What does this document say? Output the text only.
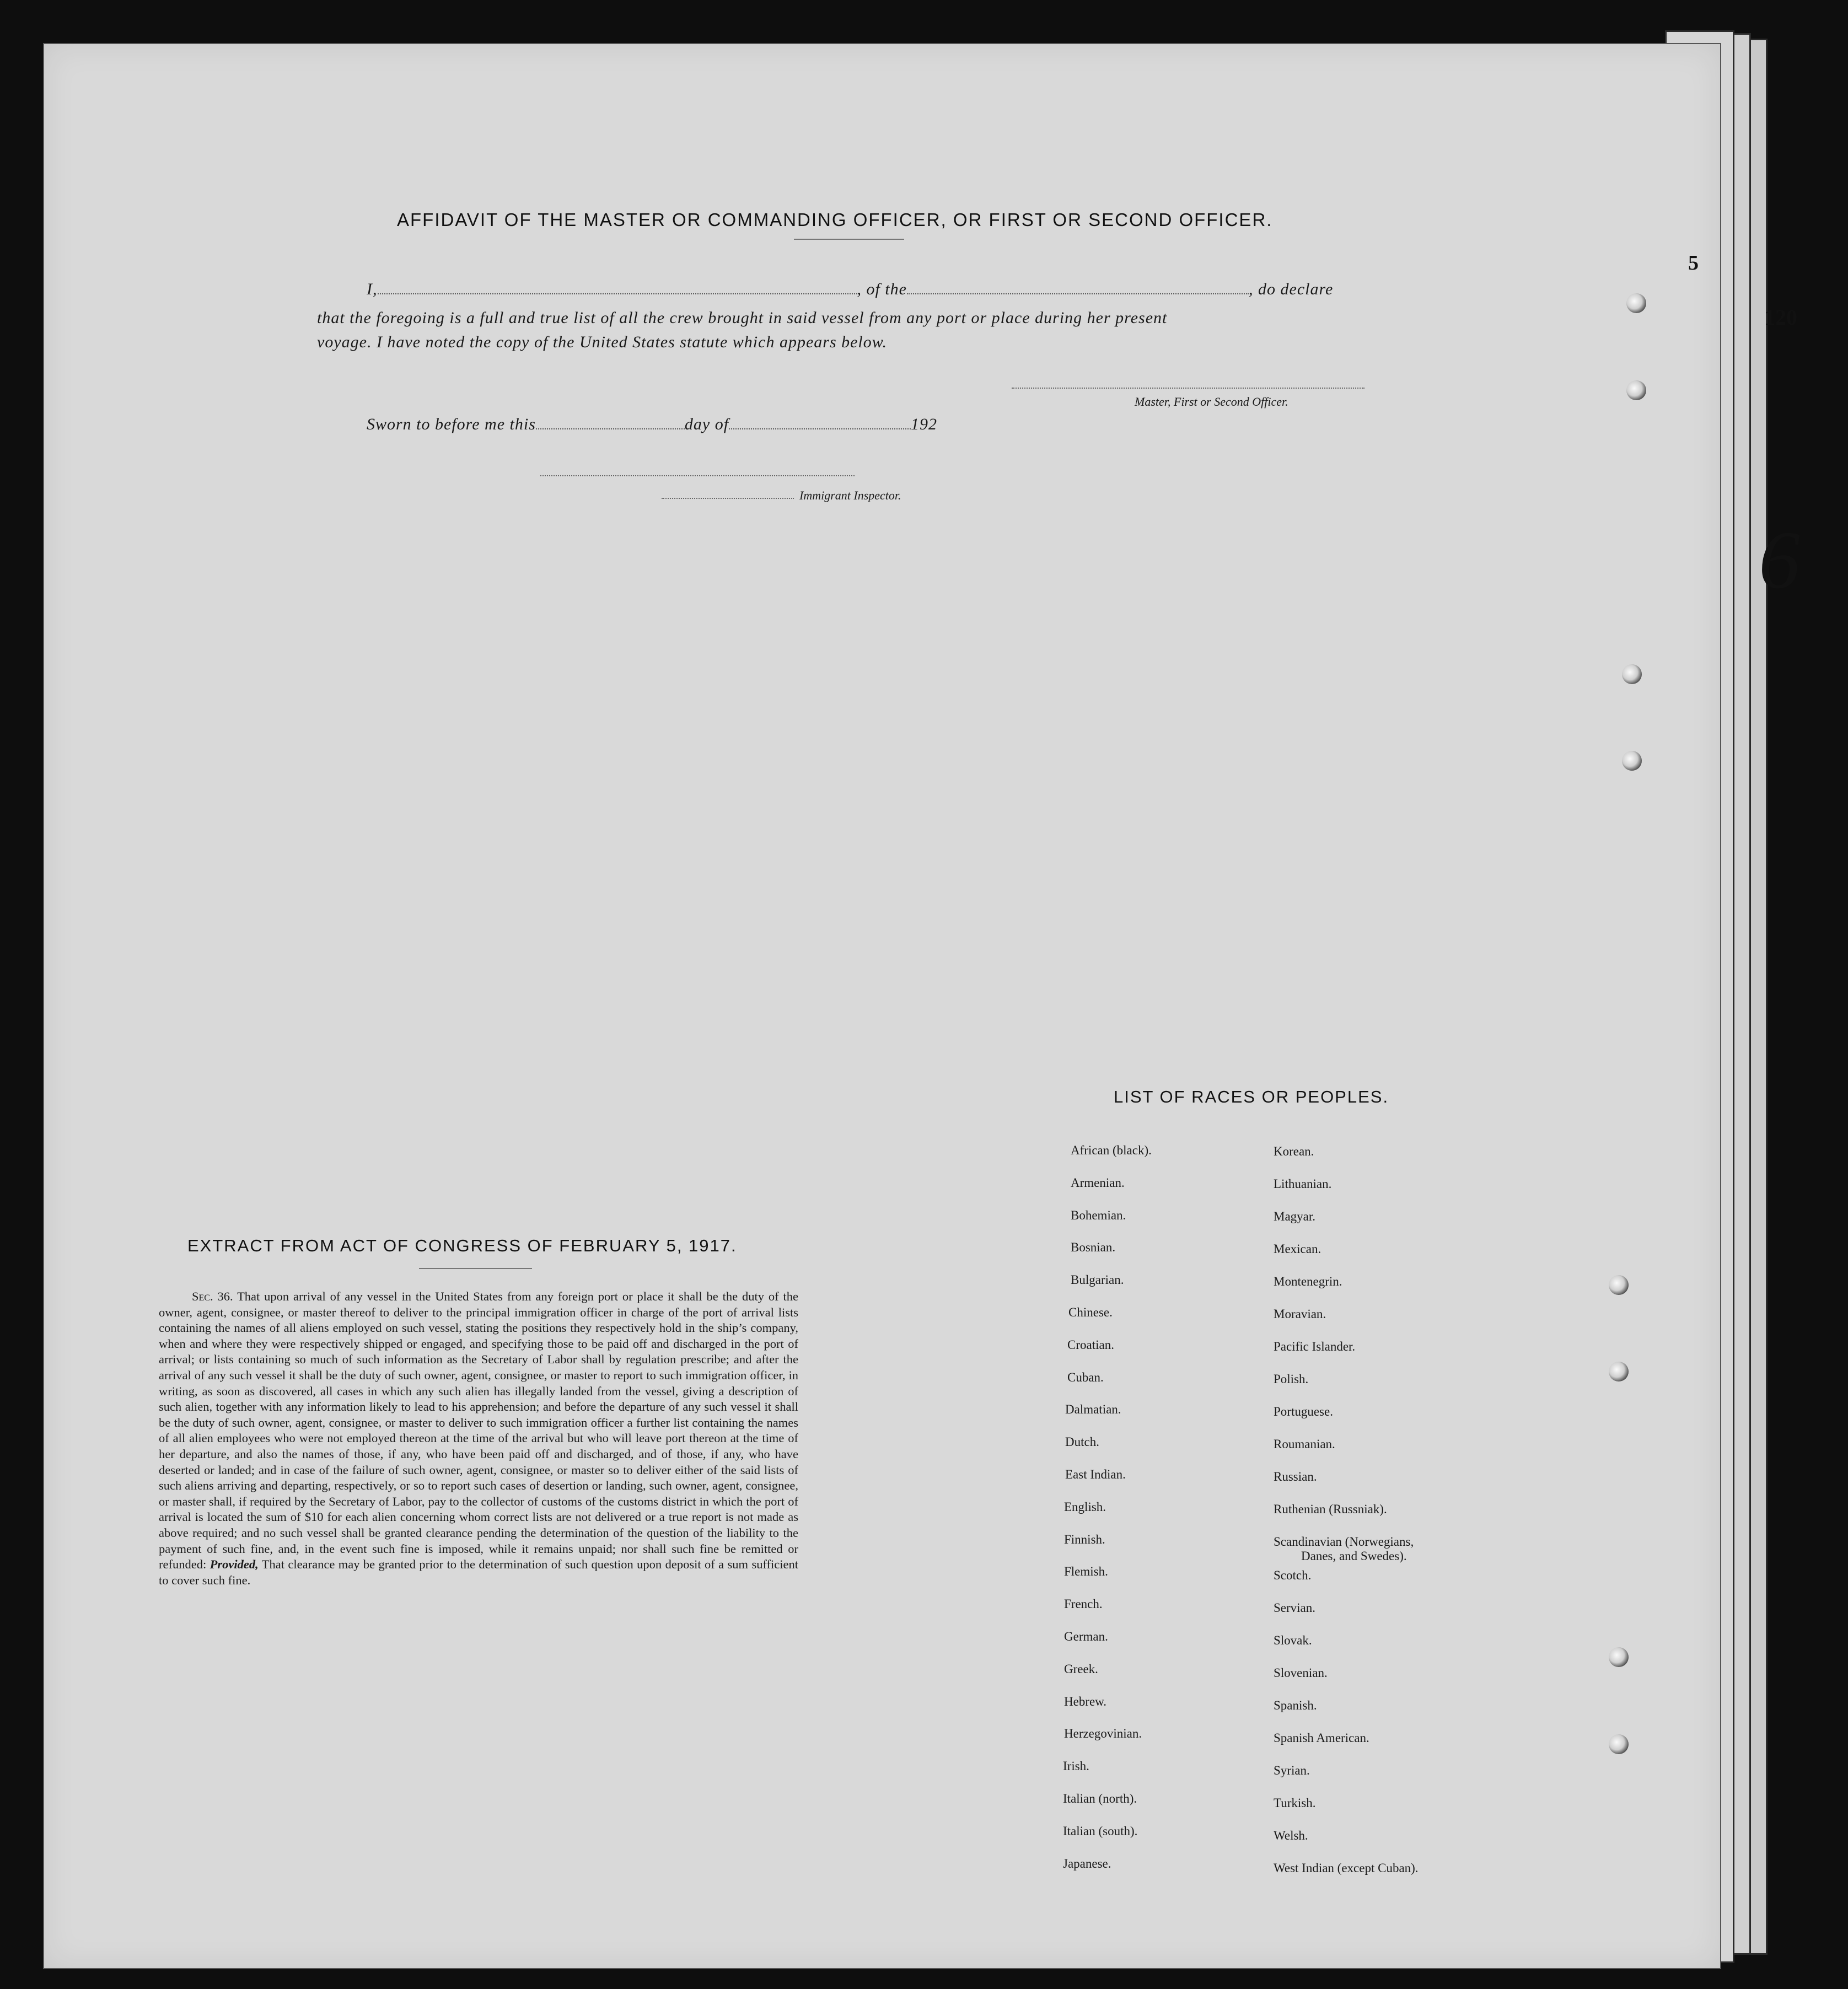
120
5
6
AFFIDAVIT OF THE MASTER OR COMMANDING OFFICER, OR FIRST OR SECOND OFFICER.
I,	, of the	, do declare
that the foregoing is a full and true list of all the crew brought in said vessel from any port or place during her present
voyage. I have noted the copy of the United States statute which appears below.
Master, First or Second Officer.
Sworn to before me this	day of	192
Immigrant Inspector.
EXTRACT FROM ACT OF CONGRESS OF FEBRUARY 5, 1917.
Sec. 36. That upon arrival of any vessel in the United States from any foreign port or place it shall be the duty of the owner, agent, consignee, or master thereof to deliver to the principal immigration officer in charge of the port of arrival lists containing the names of all aliens employed on such vessel, stating the positions they respectively hold in the ship’s company, when and where they were respectively shipped or engaged, and specifying those to be paid off and discharged in the port of arrival; or lists containing so much of such information as the Secretary of Labor shall by regulation prescribe; and after the arrival of any such vessel it shall be the duty of such owner, agent, consignee, or master to report to such immigration officer, in writing, as soon as discovered, all cases in which any such alien has illegally landed from the vessel, giving a description of such alien, together with any information likely to lead to his apprehension; and before the departure of any such vessel it shall be the duty of such owner, agent, consignee, or master to deliver to such immigration officer a further list containing the names of all alien employees who were not employed thereon at the time of the arrival but who will leave port thereon at the time of her departure, and also the names of those, if any, who have been paid off and discharged, and of those, if any, who have deserted or landed; and in case of the failure of such owner, agent, consignee, or master so to deliver either of the said lists of such aliens arriving and departing, respectively, or so to report such cases of desertion or landing, such owner, agent, consignee, or master shall, if required by the Secretary of Labor, pay to the collector of customs of the customs district in which the port of arrival is located the sum of $10 for each alien concerning whom correct lists are not delivered or a true report is not made as above required; and no such vessel shall be granted clearance pending the determination of the question of the liability to the payment of such fine, and, in the event such fine is imposed, while it remains unpaid; nor shall such fine be remitted or refunded: Provided, That clearance may be granted prior to the determination of such question upon deposit of a sum sufficient to cover such fine.
LIST OF RACES OR PEOPLES.
African (black).
Armenian.
Bohemian.
Bosnian.
Bulgarian.
Chinese.
Croatian.
Cuban.
Dalmatian.
Dutch.
East Indian.
English.
Finnish.
Flemish.
French.
German.
Greek.
Hebrew.
Herzegovinian.
Irish.
Italian (north).
Italian (south).
Japanese.
Korean.
Lithuanian.
Magyar.
Mexican.
Montenegrin.
Moravian.
Pacific Islander.
Polish.
Portuguese.
Roumanian.
Russian.
Ruthenian (Russniak).
Scandinavian (Norwegians,
Danes, and Swedes).
Scotch.
Servian.
Slovak.
Slovenian.
Spanish.
Spanish American.
Syrian.
Turkish.
Welsh.
West Indian (except Cuban).
